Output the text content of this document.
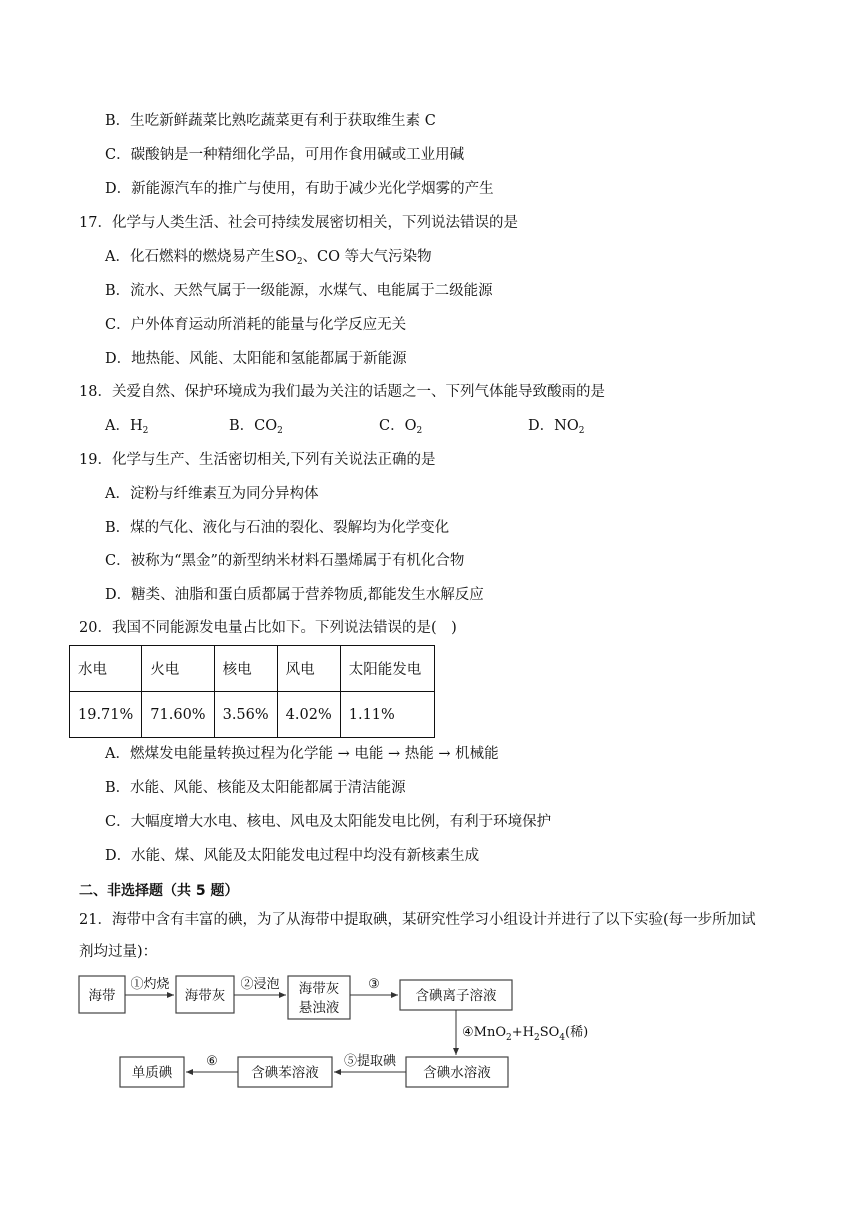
B．生吃新鲜蔬菜比熟吃蔬菜更有利于获取维生素 C
C．碳酸钠是一种精细化学品，可用作食用碱或工业用碱
D．新能源汽车的推广与使用，有助于减少光化学烟雾的产生
17．化学与人类生活、社会可持续发展密切相关，下列说法错误的是
A．化石燃料的燃烧易产生$SO_2$、CO 等大气污染物
B．流水、天然气属于一级能源，水煤气、电能属于二级能源
C．户外体育运动所消耗的能量与化学反应无关
D．地热能、风能、太阳能和氢能都属于新能源
18．关爱自然、保护环境成为我们最为关注的话题之一、下列气体能导致酸雨的是
A．$H_2$	B．$CO_2$	C．$O_2$	D．$NO_2$
19．化学与生产、生活密切相关,下列有关说法正确的是
A．淀粉与纤维素互为同分异构体
B．煤的气化、液化与石油的裂化、裂解均为化学变化
C．被称为“黑金”的新型纳米材料石墨烯属于有机化合物
D．糖类、油脂和蛋白质都属于营养物质,都能发生水解反应
20．我国不同能源发电量占比如下。下列说法错误的是(　)
水电	火电	核电	风电	太阳能发电
19.71%	71.60%	3.56%	4.02%	1.11%
A．燃煤发电能量转换过程为化学能 → 电能 → 热能 → 机械能
B．水能、风能、核能及太阳能都属于清洁能源
C．大幅度增大水电、核电、风电及太阳能发电比例，有利于环境保护
D．水能、煤、风能及太阳能发电过程中均没有新核素生成
二、非选择题（共 5 题）
21．海带中含有丰富的碘，为了从海带中提取碘，某研究性学习小组设计并进行了以下实验(每一步所加试
剂均过量)：
海带	海带灰	海带灰
悬浊液
含碘离子溶液
含碘水溶液
含碘苯溶液
单质碘
①灼烧	②浸泡	③
⑤提取碘
⑥
$④MnO_2+H_2SO_4$(稀)
